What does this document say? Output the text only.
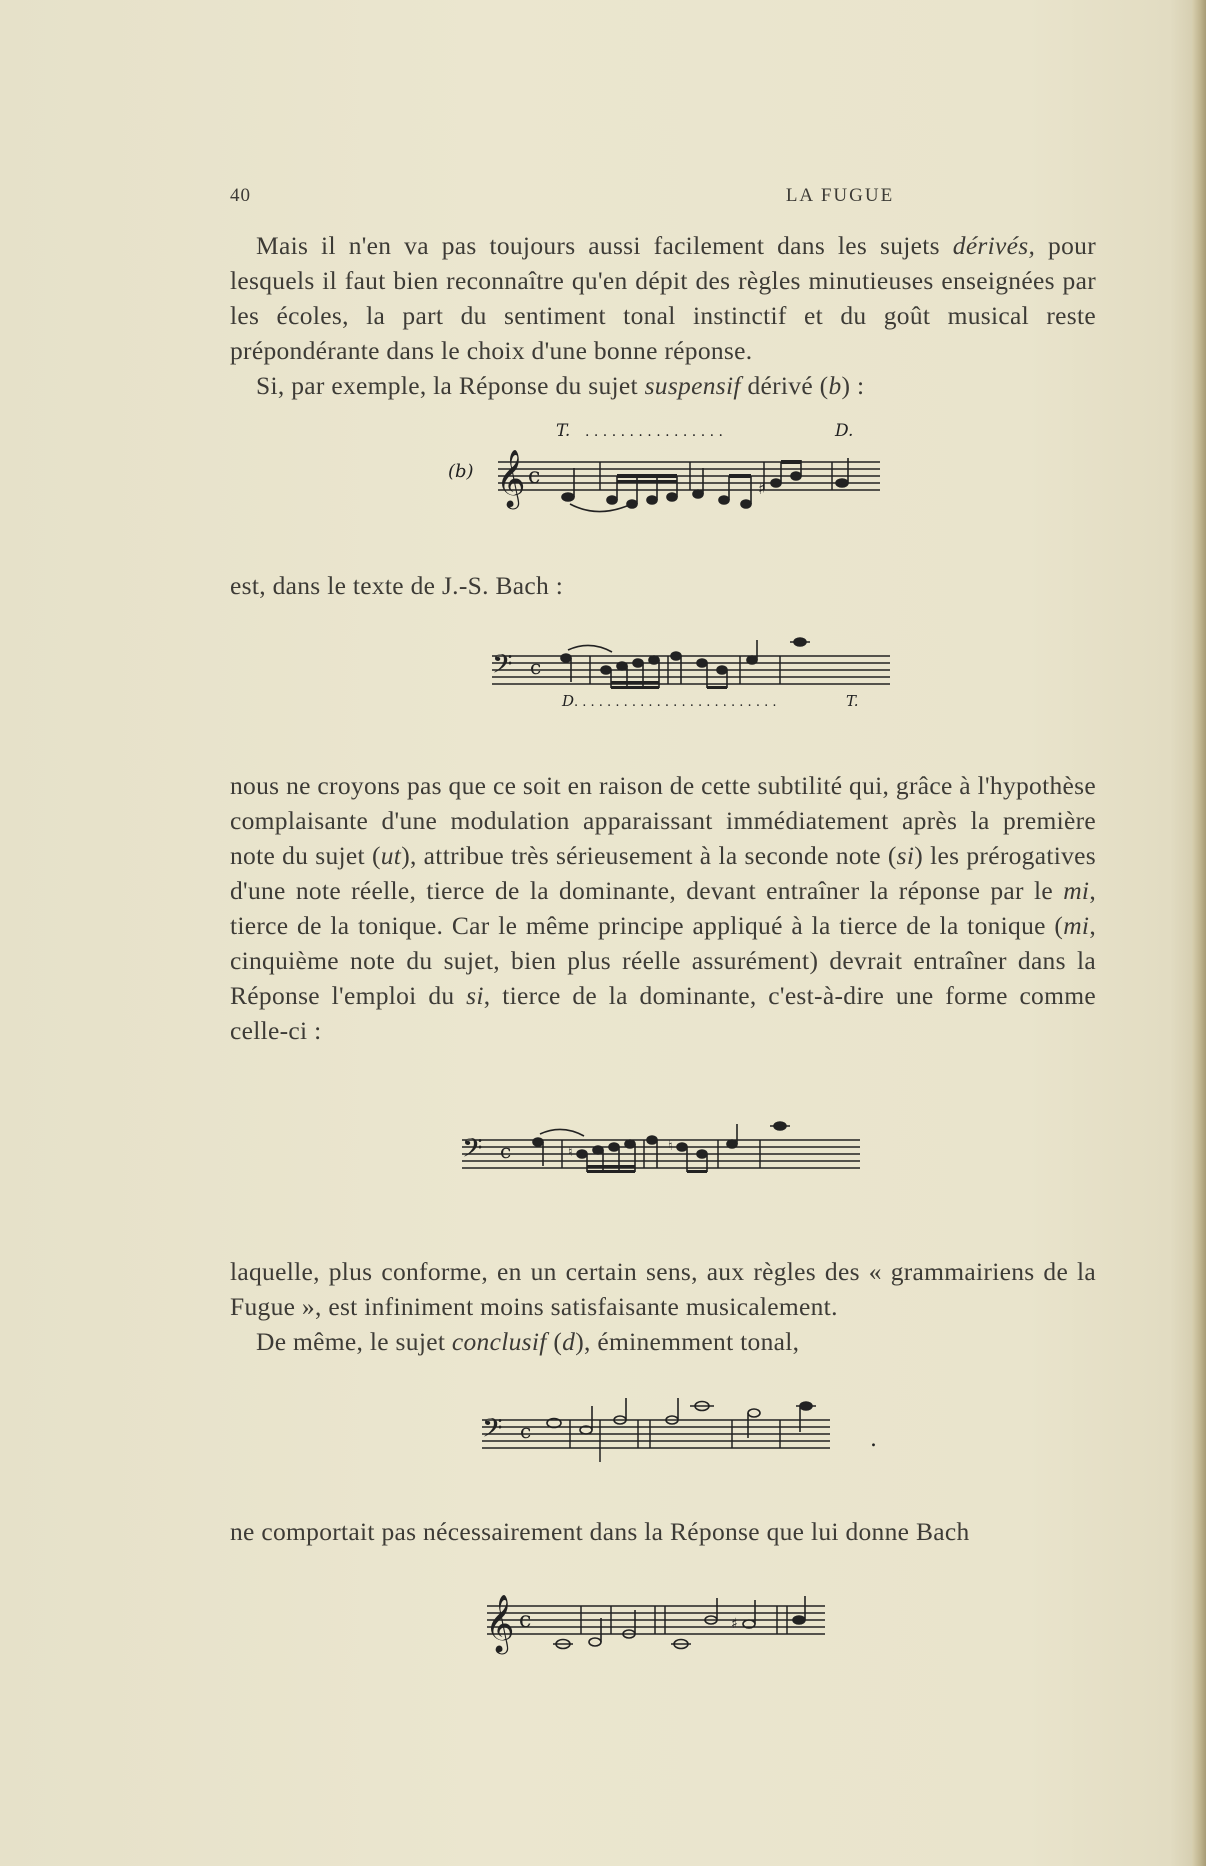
40	LA FUGUE

Mais il n'en va pas toujours aussi facilement dans les sujets dérivés, pour lesquels il faut bien reconnaître qu'en dépit des règles minutieuses enseignées par les écoles, la part du sentiment tonal instinctif et du goût musical reste prépondérante dans le choix d'une bonne réponse.

Si, par exemple, la Réponse du sujet suspensif dérivé (b) :

(b)
T. . . . . . . . . . . . . . . . .	D.
𝄞 c	♯

est, dans le texte de J.-S. Bach :

𝄢 c
D . . . . . . . . . . . . . . . . . . . . . . . . .	T.

nous ne croyons pas que ce soit en raison de cette subtilité qui, grâce à l'hypothèse complaisante d'une modulation apparaissant immédiatement après la première note du sujet (ut), attribue très sérieusement à la seconde note (si) les prérogatives d'une note réelle, tierce de la dominante, devant entraîner la réponse par le mi, tierce de la tonique. Car le même principe appliqué à la tierce de la tonique (mi, cinquième note du sujet, bien plus réelle assurément) devrait entraîner dans la Réponse l'emploi du si, tierce de la dominante, c'est-à-dire une forme comme celle-ci :

𝄢 c	♮	♮

laquelle, plus conforme, en un certain sens, aux règles des « grammairiens de la Fugue », est infiniment moins satisfaisante musicalement.

De même, le sujet conclusif (d), éminemment tonal,

𝄢 c	.

ne comportait pas nécessairement dans la Réponse que lui donne Bach

𝄞 c	♯
